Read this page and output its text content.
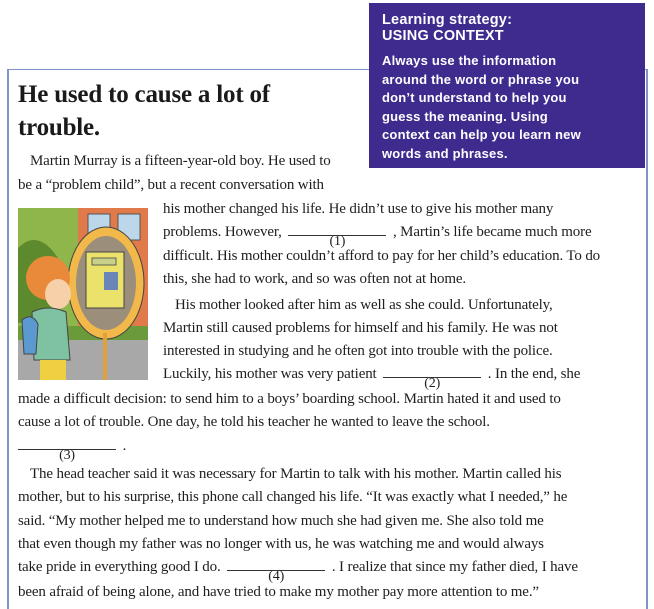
Learning strategy:
USING CONTEXT
Always use the information
around the word or phrase you
don’t understand to help you
guess the meaning. Using
context can help you learn new
words and phrases.
He used to cause a lot of
trouble.
Martin Murray is a fifteen-year-old boy. He used to
be a “problem child”, but a recent conversation with
his mother changed his life. He didn’t use to give his mother many
problems. However,
(1)
, Martin’s life became much more
difficult. His mother couldn’t afford to pay for her child’s education. To do
this, she had to work, and so was often not at home.
His mother looked after him as well as she could. Unfortunately,
Martin still caused problems for himself and his family. He was not
interested in studying and he often got into trouble with the police.
Luckily, his mother was very patient
(2)
. In the end, she
made a difficult decision: to send him to a boys’ boarding school. Martin hated it and used to
cause a lot of trouble. One day, he told his teacher he wanted to leave the school.
(3)
.
The head teacher said it was necessary for Martin to talk with his mother. Martin called his
mother, but to his surprise, this phone call changed his life. “It was exactly what I needed,” he
said. “My mother helped me to understand how much she had given me. She also told me
that even though my father was no longer with us, he was watching me and would always
take pride in everything good I do.
(4)
. I realize that since my father died, I have
been afraid of being alone, and have tried to make my mother pay more attention to me.”
